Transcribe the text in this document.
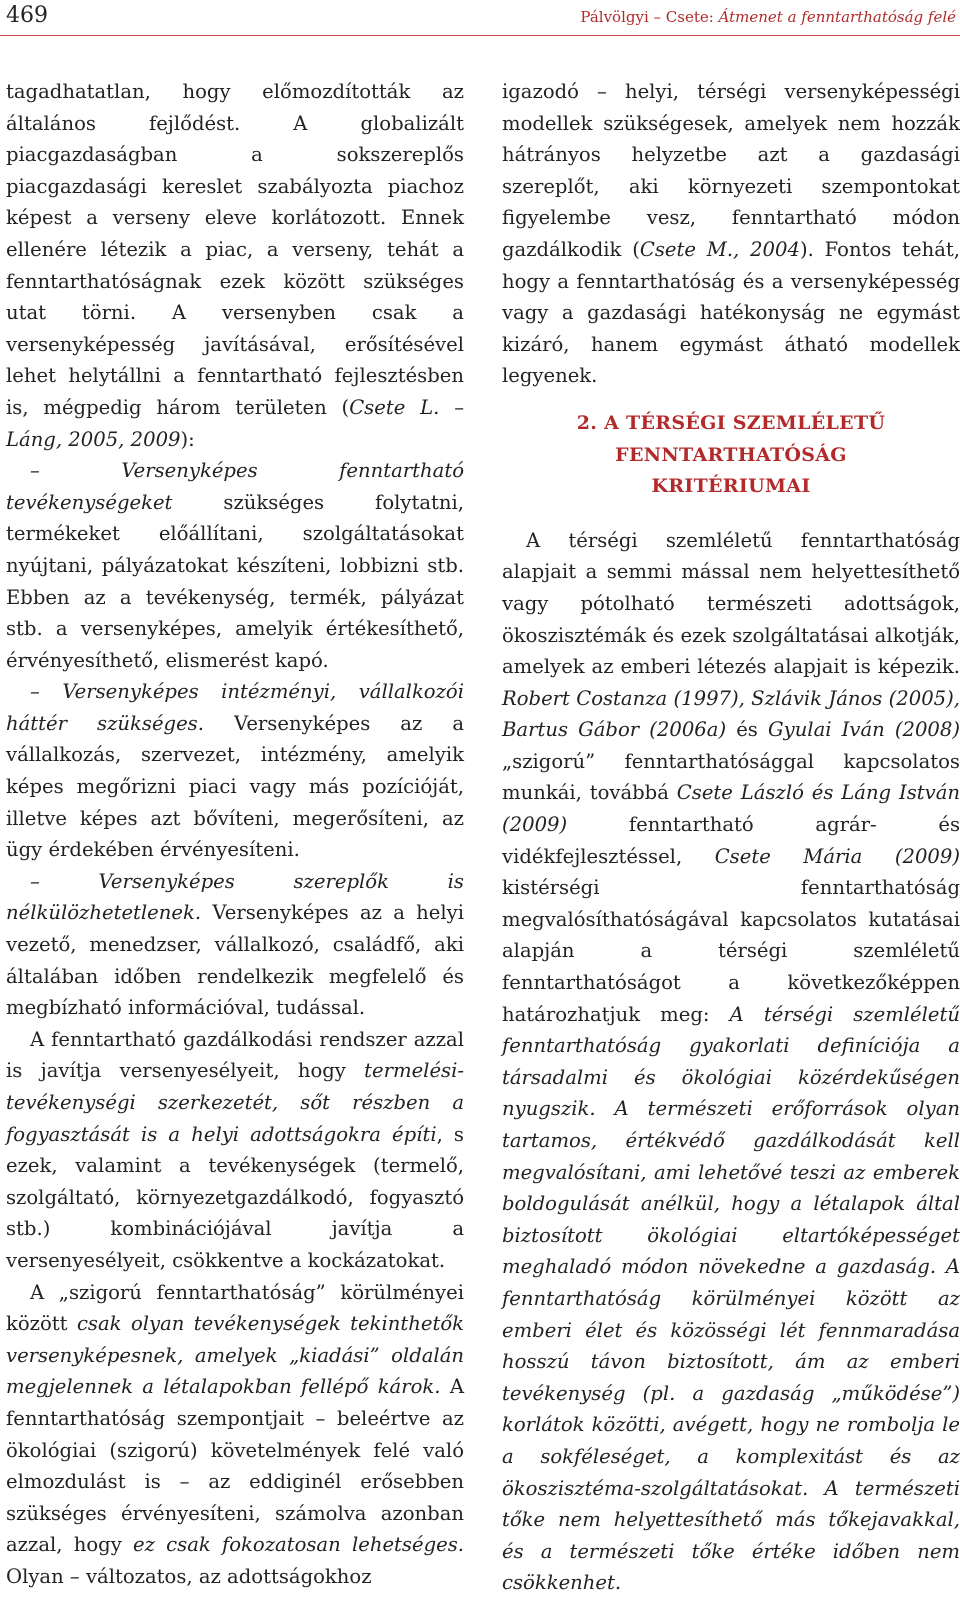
469	Pálvölgyi – Csete: Átmenet a fenntarthatóság felé

tagadhatatlan, hogy előmozdították az általános fejlődést. A globalizált piacgazdaságban a sokszereplős piacgazdasági kereslet szabályozta piachoz képest a verseny eleve korlátozott. Ennek ellenére létezik a piac, a verseny, tehát a fenntarthatóságnak ezek között szükséges utat törni. A versenyben csak a versenyképesség javításával, erősítésével lehet helytállni a fenntartható fejlesztésben is, mégpedig három területen (Csete L. – Láng, 2005, 2009):

– Versenyképes fenntartható tevékenységeket szükséges folytatni, termékeket előállítani, szolgáltatásokat nyújtani, pályázatokat készíteni, lobbizni stb. Ebben az a tevékenység, termék, pályázat stb. a versenyképes, amelyik értékesíthető, érvényesíthető, elismerést kapó.

– Versenyképes intézményi, vállalkozói háttér szükséges. Versenyképes az a vállalkozás, szervezet, intézmény, amelyik képes megőrizni piaci vagy más pozícióját, illetve képes azt bővíteni, megerősíteni, az ügy érdekében érvényesíteni.

– Versenyképes szereplők is nélkülözhetetlenek. Versenyképes az a helyi vezető, menedzser, vállalkozó, családfő, aki általában időben rendelkezik megfelelő és megbízható információval, tudással.

A fenntartható gazdálkodási rendszer azzal is javítja versenyesélyeit, hogy termelési-tevékenységi szerkezetét, sőt részben a fogyasztását is a helyi adottságokra építi, s ezek, valamint a tevékenységek (termelő, szolgáltató, környezetgazdálkodó, fogyasztó stb.) kombinációjával javítja a versenyesélyeit, csökkentve a kockázatokat.

A „szigorú fenntarthatóság” körülményei között csak olyan tevékenységek tekinthetők versenyképesnek, amelyek „kiadási” oldalán megjelennek a létalapokban fellépő károk. A fenntarthatóság szempontjait – beleértve az ökológiai (szigorú) követelmények felé való elmozdulást is – az eddiginél erősebben szükséges érvényesíteni, számolva azonban azzal, hogy ez csak fokozatosan lehetséges. Olyan – változatos, az adottságokhoz

igazodó – helyi, térségi versenyképességi modellek szükségesek, amelyek nem hozzák hátrányos helyzetbe azt a gazdasági szereplőt, aki környezeti szempontokat figyelembe vesz, fenntartható módon gazdálkodik (Csete M., 2004). Fontos tehát, hogy a fenntarthatóság és a versenyképesség vagy a gazdasági hatékonyság ne egymást kizáró, hanem egymást átható modellek legyenek.

2. A TÉRSÉGI SZEMLÉLETŰ
FENNTARTHATÓSÁG
KRITÉRIUMAI

A térségi szemléletű fenntarthatóság alapjait a semmi mással nem helyettesíthető vagy pótolható természeti adottságok, ökoszisztémák és ezek szolgáltatásai alkotják, amelyek az emberi létezés alapjait is képezik. Robert Costanza (1997), Szlávik János (2005), Bartus Gábor (2006a) és Gyulai Iván (2008) „szigorú” fenntarthatósággal kapcsolatos munkái, továbbá Csete László és Láng István (2009) fenntartható agrár- és vidékfejlesztéssel, Csete Mária (2009) kistérségi fenntarthatóság megvalósíthatóságával kapcsolatos kutatásai alapján a térségi szemléletű fenntarthatóságot a következőképpen határozhatjuk meg: A térségi szemléletű fenntarthatóság gyakorlati definíciója a társadalmi és ökológiai közérdekűségen nyugszik. A természeti erőforrások olyan tartamos, értékvédő gazdálkodását kell megvalósítani, ami lehetővé teszi az emberek boldogulását anélkül, hogy a létalapok által biztosított ökológiai eltartóképességet meghaladó módon növekedne a gazdaság. A fenntarthatóság körülményei között az emberi élet és közösségi lét fennmaradása hosszú távon biztosított, ám az emberi tevékenység (pl. a gazdaság „működése”) korlátok közötti, avégett, hogy ne rombolja le a sokféleséget, a komplexitást és az ökoszisztéma-szolgáltatásokat. A természeti tőke nem helyettesíthető más tőkejavakkal, és a természeti tőke értéke időben nem csökkenhet.
